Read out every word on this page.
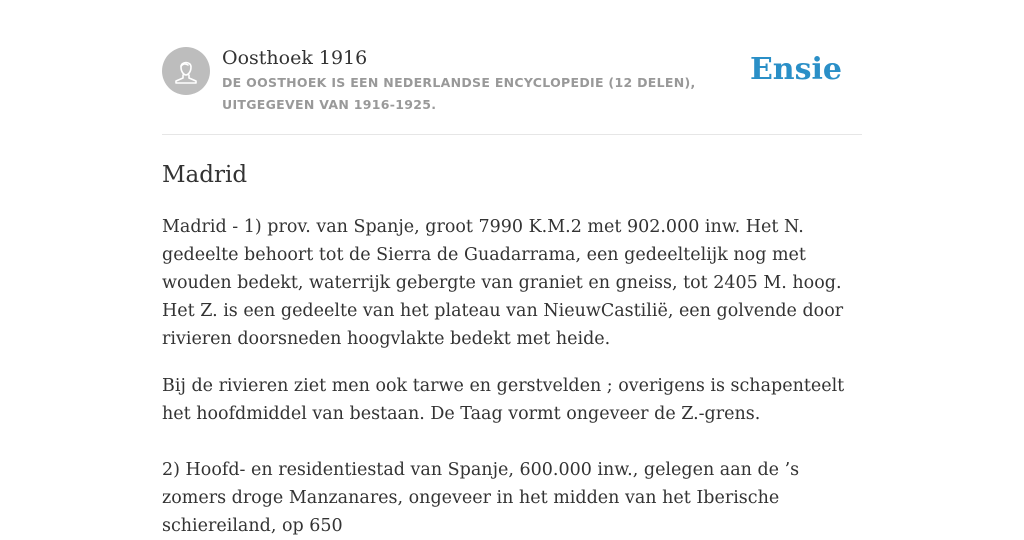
Oosthoek 1916
DE OOSTHOEK IS EEN NEDERLANDSE ENCYCLOPEDIE (12 DELEN), UITGEGEVEN VAN 1916-1925.
Ensie
Madrid

Madrid - 1) prov. van Spanje, groot 7990 K.M.2 met 902.000 inw. Het N. gedeelte behoort tot de Sierra de Guadarrama, een gedeeltelijk nog met wouden bedekt, waterrijk gebergte van graniet en gneiss, tot 2405 M. hoog. Het Z. is een gedeelte van het plateau van NieuwCastilië, een golvende door rivieren doorsneden hoogvlakte bedekt met heide.

Bij de rivieren ziet men ook tarwe en gerstvelden ; overigens is schapenteelt het hoofdmiddel van bestaan. De Taag vormt ongeveer de Z.-grens.

2) Hoofd- en residentiestad van Spanje, 600.000 inw., gelegen aan de ’s zomers droge Manzanares, ongeveer in het midden van het Iberische schiereiland, op 650
